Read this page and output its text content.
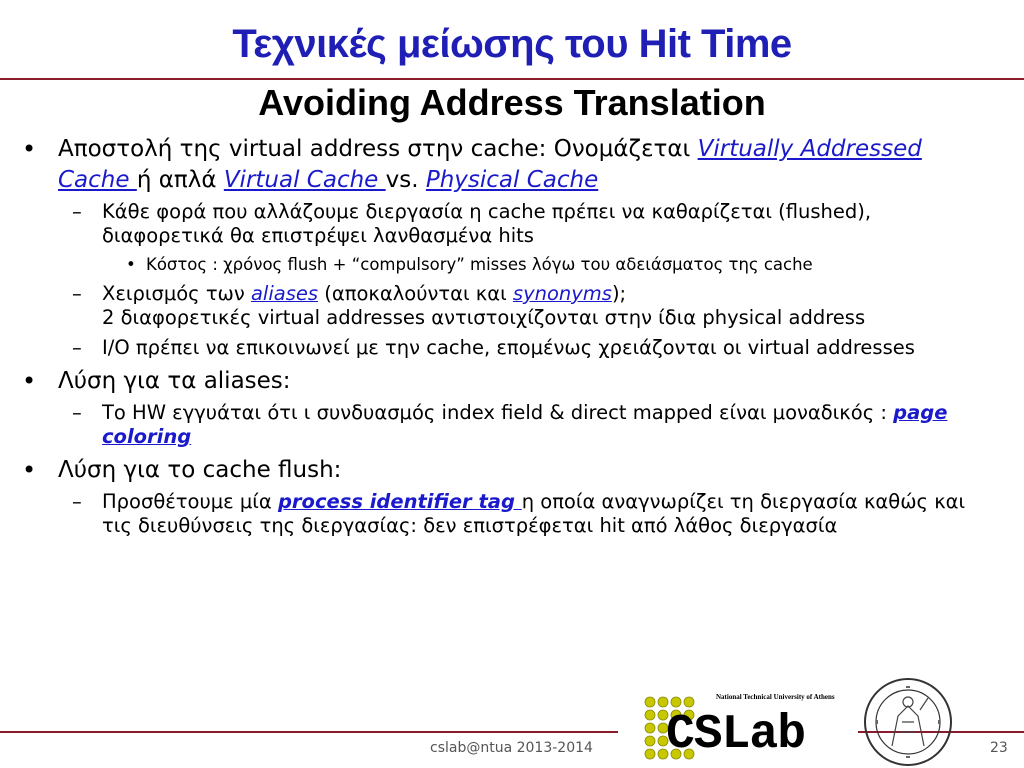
Τεχνικές μείωσης του Hit Time
Avoiding Address Translation
• Αποστολή της virtual address στην cache: Ονομάζεται Virtually Addressed Cache ή απλά Virtual Cache vs. Physical Cache
– Κάθε φορά που αλλάζουμε διεργασία η cache πρέπει να καθαρίζεται (flushed), διαφορετικά θα επιστρέψει λανθασμένα hits
• Κόστος : χρόνος flush + “compulsory” misses λόγω του αδειάσματος της cache
– Χειρισμός των aliases (αποκαλούνται και synonyms);
2 διαφορετικές virtual addresses αντιστοιχίζονται στην ίδια physical address
– I/O πρέπει να επικοινωνεί με την cache, επομένως χρειάζονται οι virtual addresses
• Λύση για τα aliases:
– Το HW εγγυάται ότι ι συνδυασμός index field & direct mapped είναι μοναδικός : page coloring
• Λύση για το cache flush:
– Προσθέτουμε μία process identifier tag η οποία αναγνωρίζει τη διεργασία καθώς και τις διευθύνσεις της διεργασίας: δεν επιστρέφεται hit από λάθος διεργασία
cslab@ntua 2013-2014	23
National Technical University of Athens
CSLab
